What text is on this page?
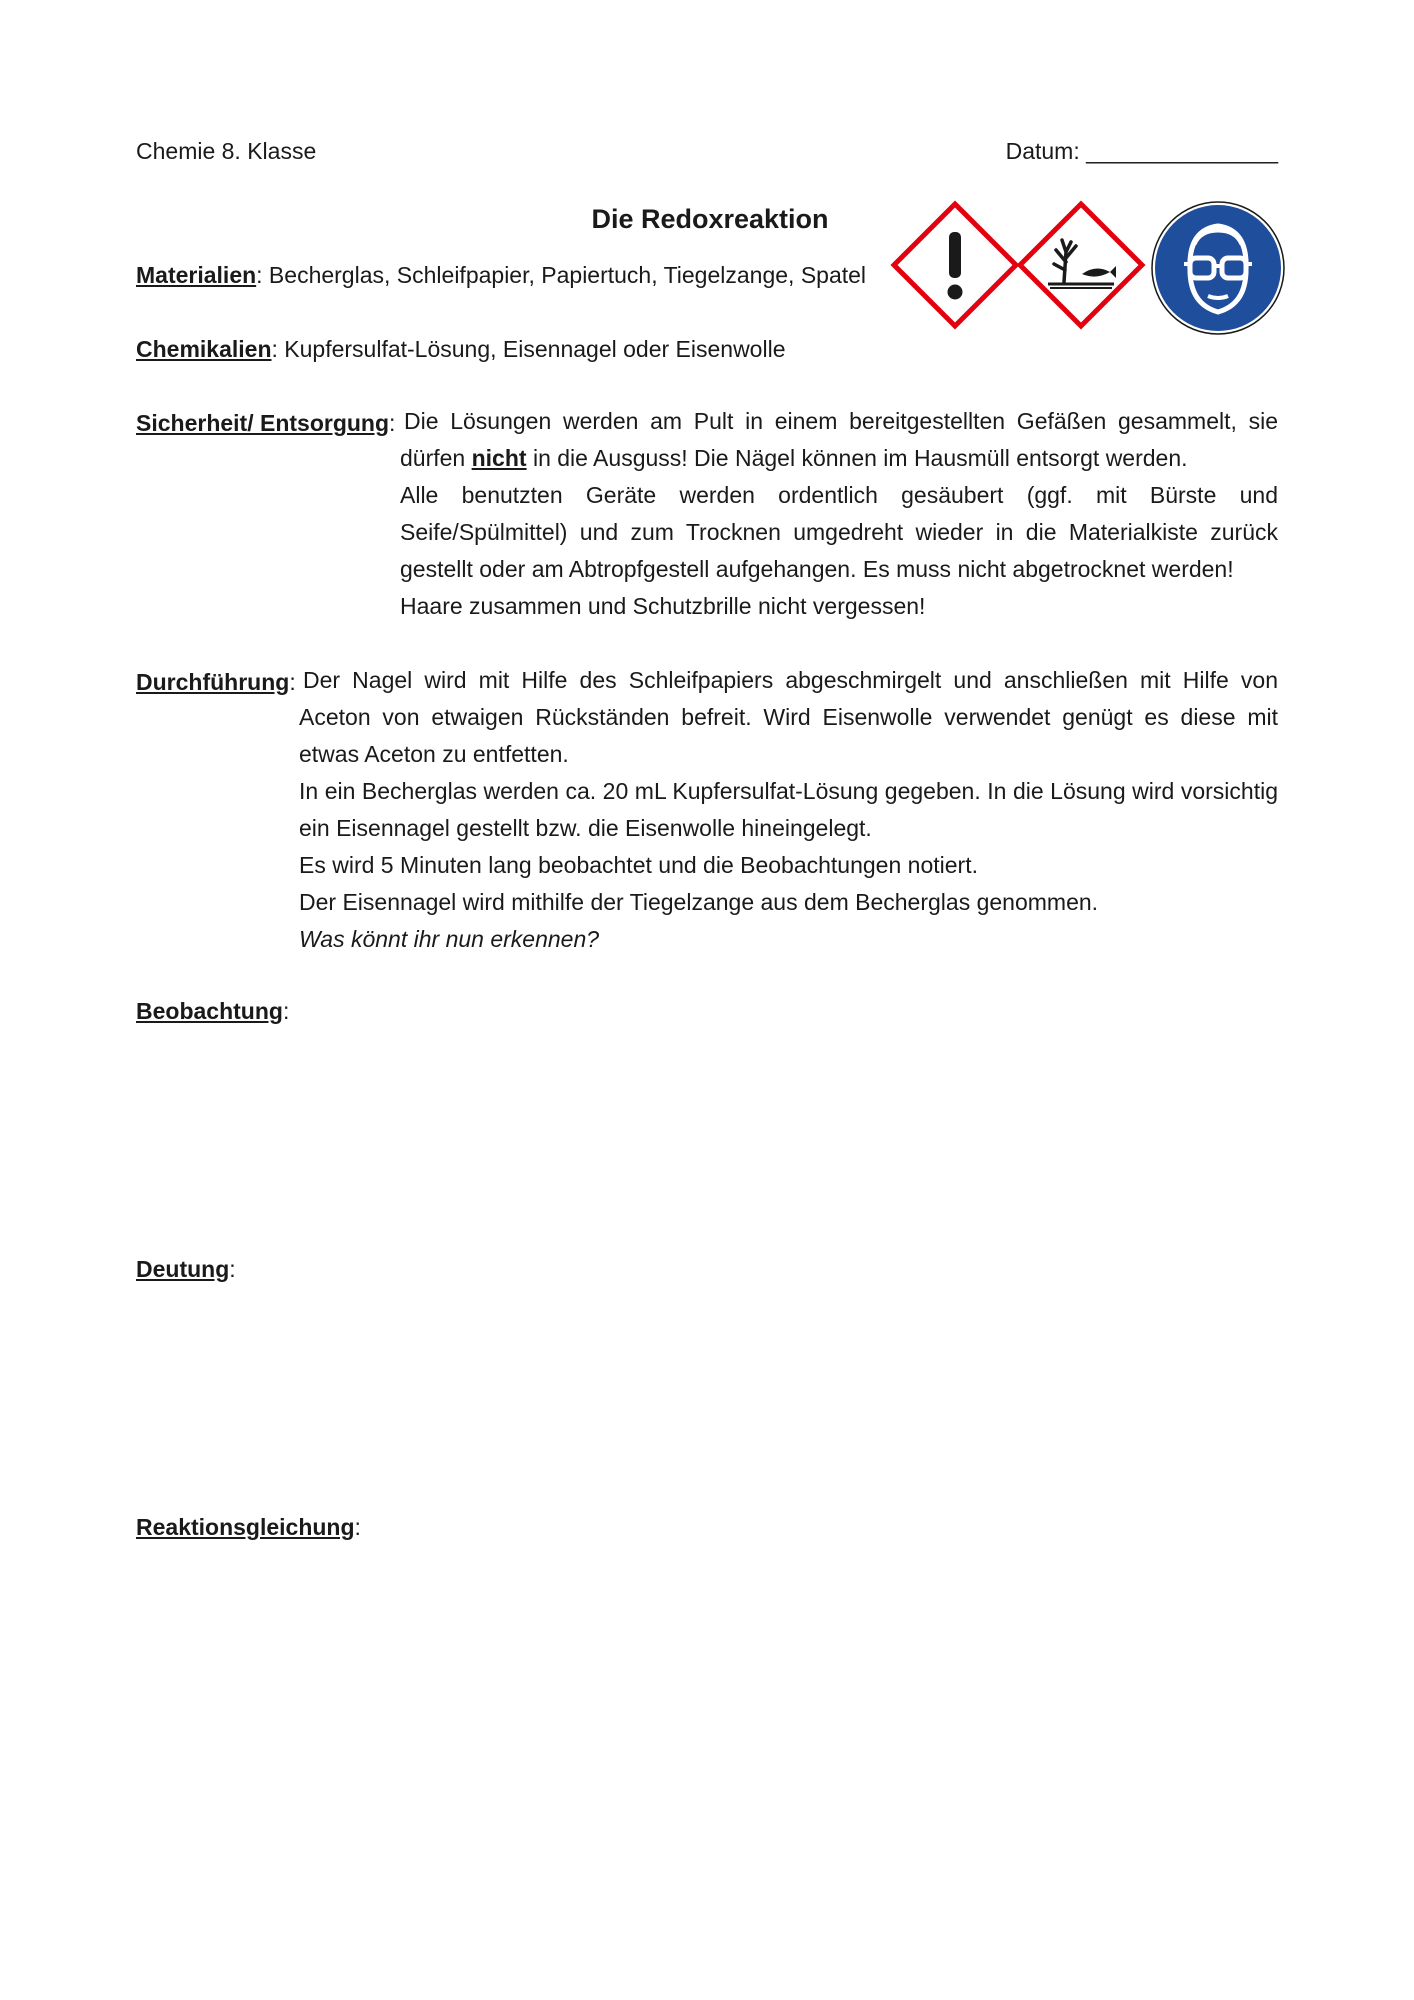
Chemie 8. Klasse	Datum: _______________
Die Redoxreaktion
Materialien: Becherglas, Schleifpapier, Papiertuch, Tiegelzange, Spatel
Chemikalien: Kupfersulfat-Lösung, Eisennagel oder Eisenwolle
Sicherheit/ Entsorgung: Die Lösungen werden am Pult in einem bereitgestellten Gefäßen gesammelt, sie

dürfen nicht in die Ausguss! Die Nägel können im Hausmüll entsorgt werden.

Alle benutzten Geräte werden ordentlich gesäubert (ggf. mit Bürste und Seife/Spülmittel) und zum Trocknen umgedreht wieder in die Materialkiste zurück gestellt oder am Abtropfgestell aufgehangen. Es muss nicht abgetrocknet werden!

Haare zusammen und Schutzbrille nicht vergessen!

Durchführung: Der Nagel wird mit Hilfe des Schleifpapiers abgeschmirgelt und anschließen mit Hilfe von

Aceton von etwaigen Rückständen befreit. Wird Eisenwolle verwendet genügt es diese mit etwas Aceton zu entfetten.

In ein Becherglas werden ca. 20 mL Kupfersulfat-Lösung gegeben. In die Lösung wird vorsichtig ein Eisennagel gestellt bzw. die Eisenwolle hineingelegt.

Es wird 5 Minuten lang beobachtet und die Beobachtungen notiert.

Der Eisennagel wird mithilfe der Tiegelzange aus dem Becherglas genommen.

Was könnt ihr nun erkennen?

Beobachtung:
Deutung:
Reaktionsgleichung:
